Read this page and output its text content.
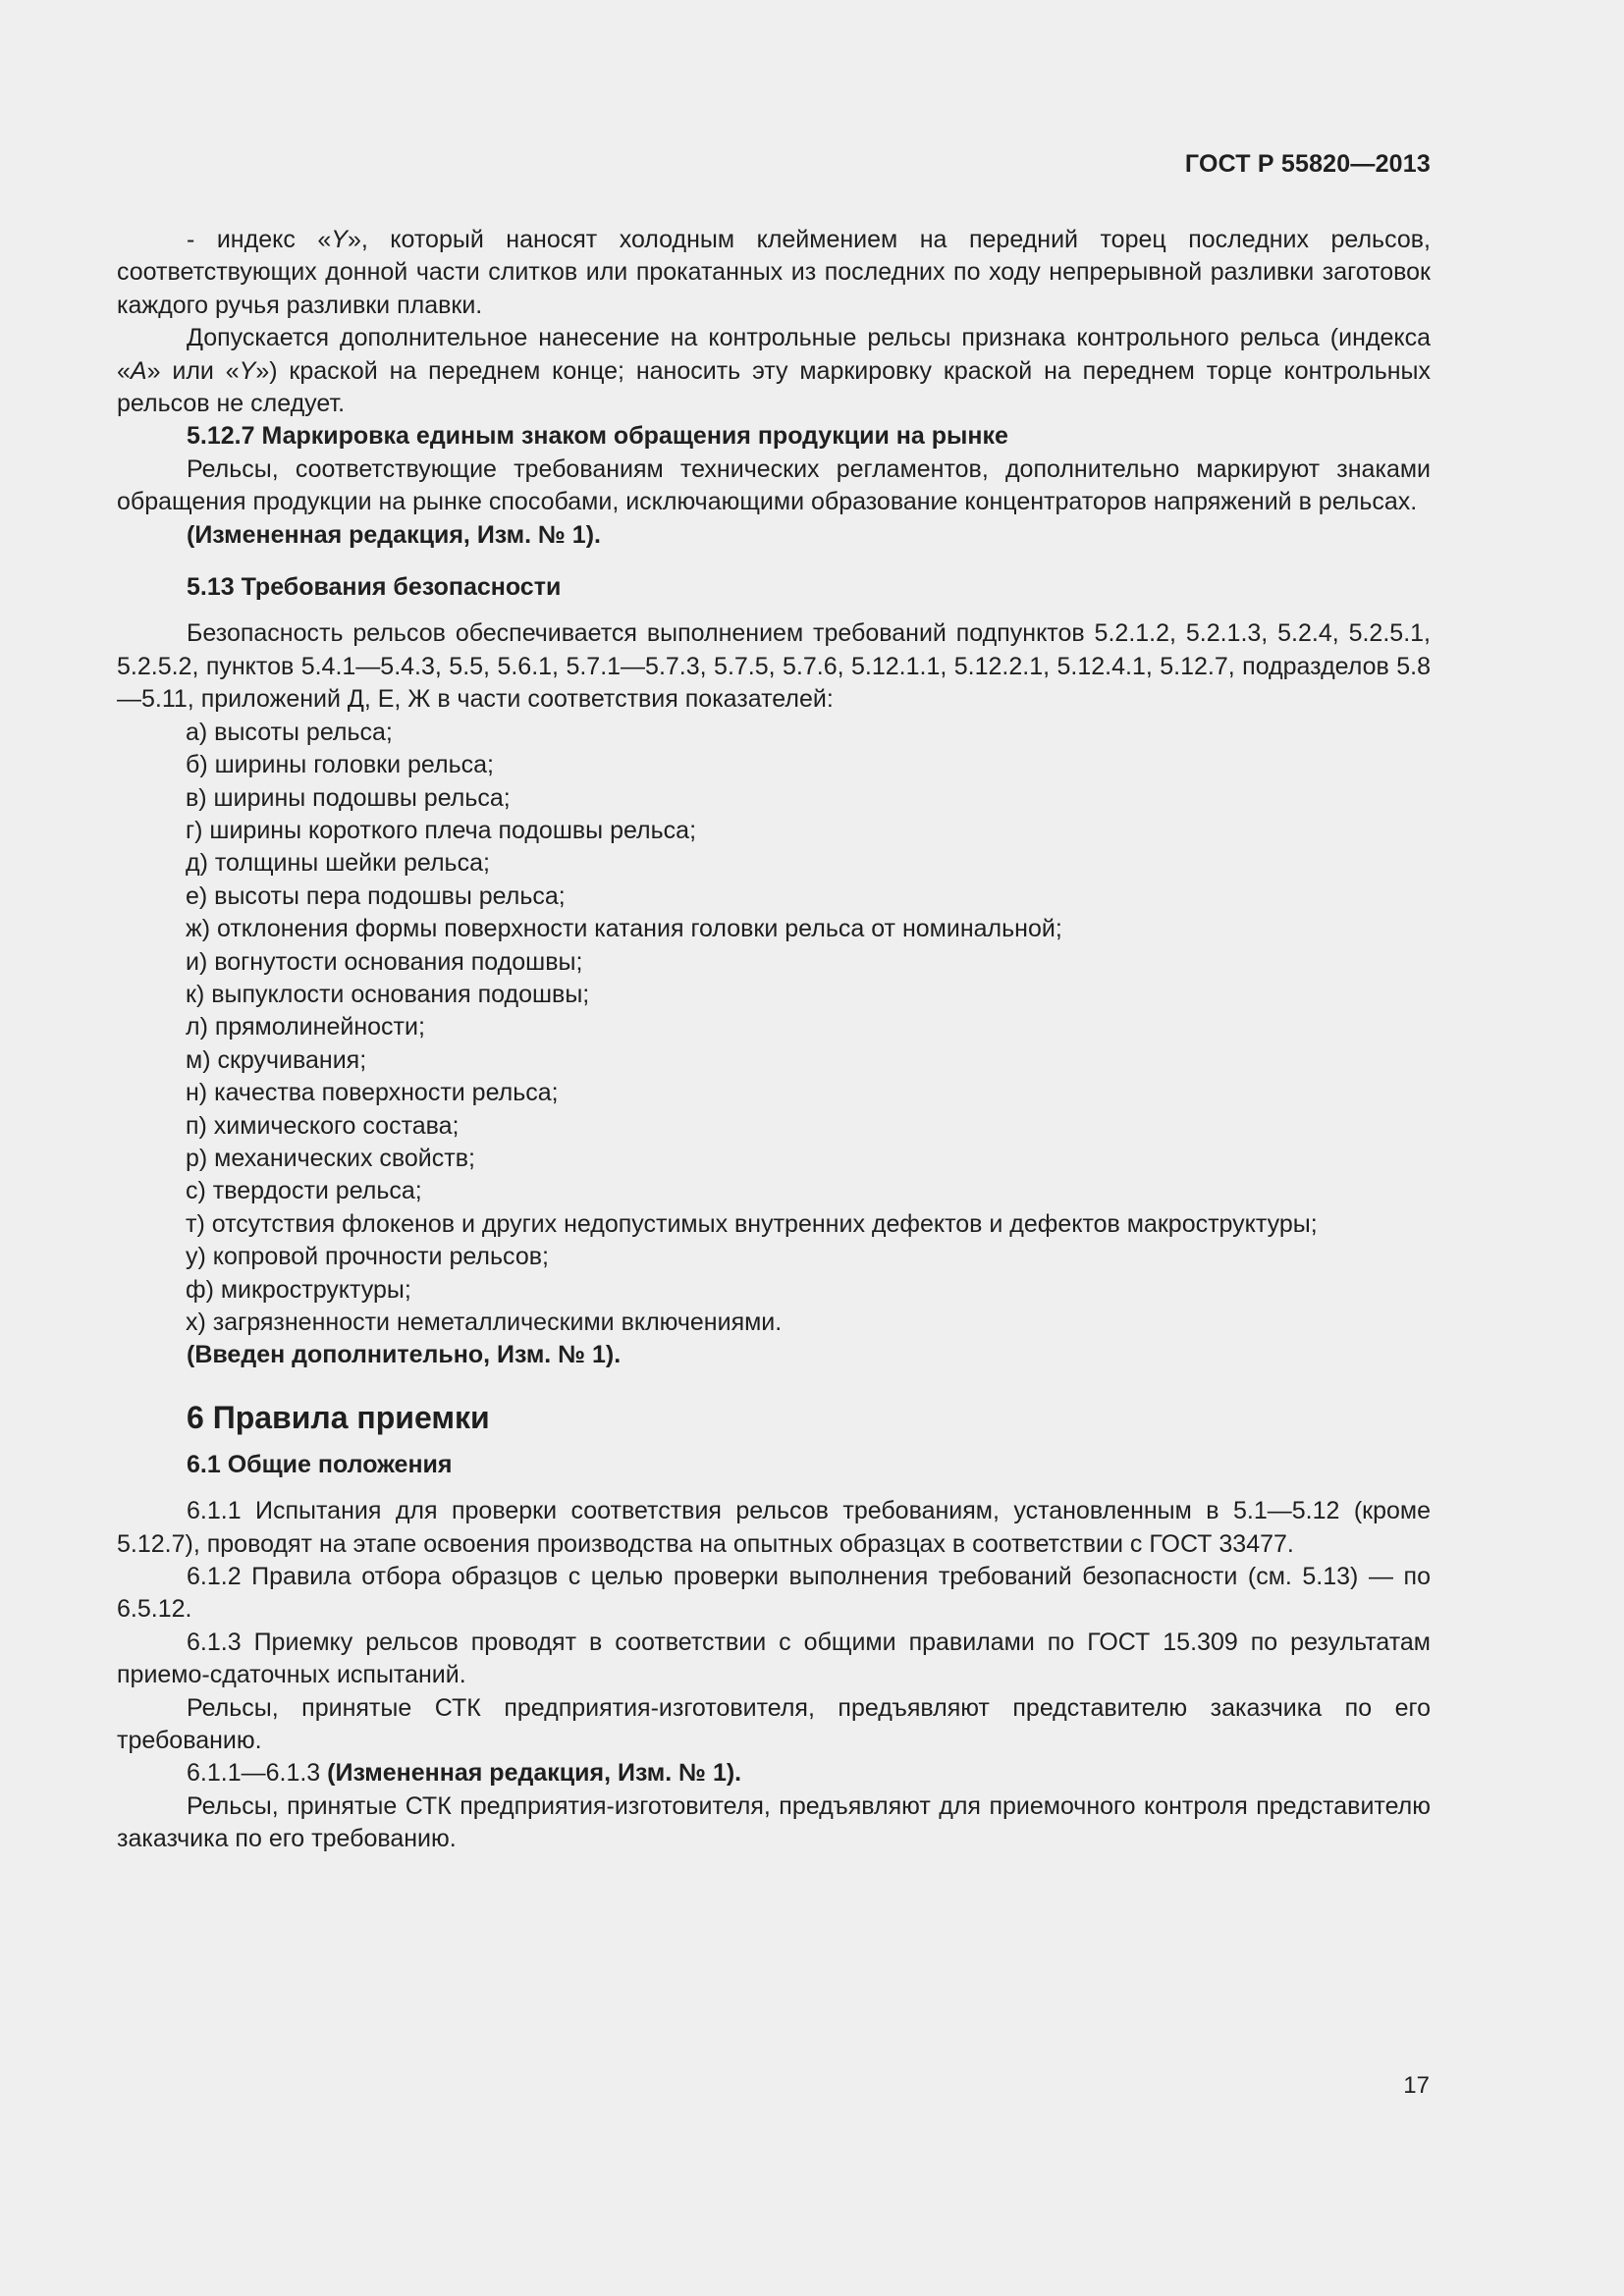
ГОСТ Р 55820—2013

- индекс «Y», который наносят холодным клеймением на передний торец последних рельсов, соответствующих донной части слитков или прокатанных из последних по ходу непрерывной разливки заготовок каждого ручья разливки плавки.

Допускается дополнительное нанесение на контрольные рельсы признака контрольного рельса (индекса «А» или «Y») краской на переднем конце; наносить эту маркировку краской на переднем торце контрольных рельсов не следует.

5.12.7 Маркировка единым знаком обращения продукции на рынке

Рельсы, соответствующие требованиям технических регламентов, дополнительно маркируют знаками обращения продукции на рынке способами, исключающими образование концентраторов напряжений в рельсах.

(Измененная редакция, Изм. № 1).

5.13 Требования безопасности

Безопасность рельсов обеспечивается выполнением требований подпунктов 5.2.1.2, 5.2.1.3, 5.2.4, 5.2.5.1, 5.2.5.2, пунктов 5.4.1—5.4.3, 5.5, 5.6.1, 5.7.1—5.7.3, 5.7.5, 5.7.6, 5.12.1.1, 5.12.2.1, 5.12.4.1, 5.12.7, подразделов 5.8—5.11, приложений Д, Е, Ж в части соответствия показателей:

а) высоты рельса;

б) ширины головки рельса;

в) ширины подошвы рельса;

г) ширины короткого плеча подошвы рельса;

д) толщины шейки рельса;

е) высоты пера подошвы рельса;

ж) отклонения формы поверхности катания головки рельса от номинальной;

и) вогнутости основания подошвы;

к) выпуклости основания подошвы;

л) прямолинейности;

м) скручивания;

н) качества поверхности рельса;

п) химического состава;

р) механических свойств;

с) твердости рельса;

т) отсутствия флокенов и других недопустимых внутренних дефектов и дефектов макроструктуры;

у) копровой прочности рельсов;

ф) микроструктуры;

х) загрязненности неметаллическими включениями.

(Введен дополнительно, Изм. № 1).

6 Правила приемки

6.1 Общие положения

6.1.1 Испытания для проверки соответствия рельсов требованиям, установленным в 5.1—5.12 (кроме 5.12.7), проводят на этапе освоения производства на опытных образцах в соответствии с ГОСТ 33477.

6.1.2 Правила отбора образцов с целью проверки выполнения требований безопасности (см. 5.13) — по 6.5.12.

6.1.3 Приемку рельсов проводят в соответствии с общими правилами по ГОСТ 15.309 по результатам приемо-сдаточных испытаний.

Рельсы, принятые СТК предприятия-изготовителя, предъявляют представителю заказчика по его требованию.

6.1.1—6.1.3 (Измененная редакция, Изм. № 1).

Рельсы, принятые СТК предприятия-изготовителя, предъявляют для приемочного контроля представителю заказчика по его требованию.

17
